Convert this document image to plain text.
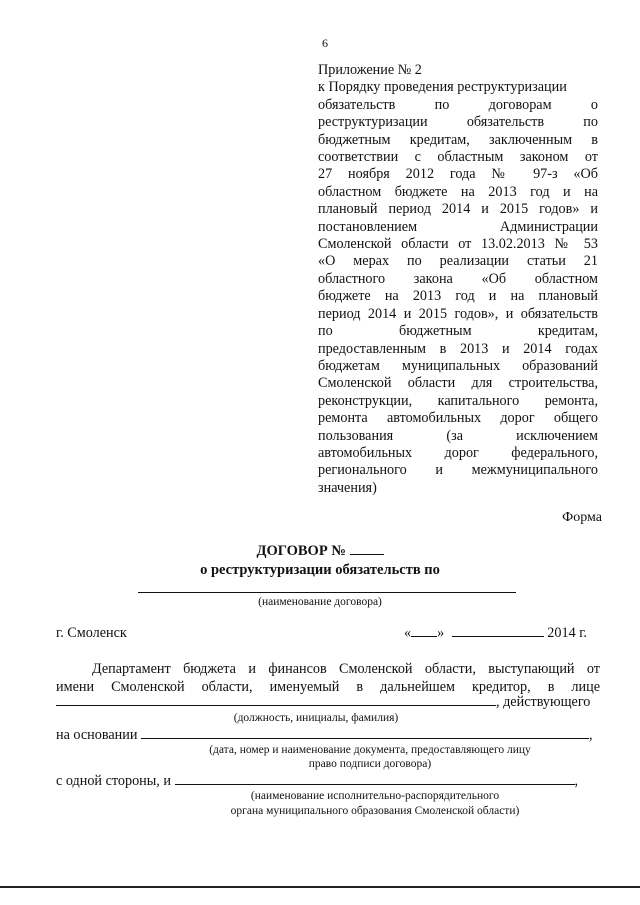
6
Приложение № 2
к Порядку проведения реструктуризации
обязательств по договорам о
реструктуризации обязательств по
бюджетным кредитам, заключенным в
соответствии с областным законом от
27 ноября 2012 года № 97-з «Об
областном бюджете на 2013 год и на
плановый период 2014 и 2015 годов» и
постановлением Администрации
Смоленской области от 13.02.2013 № 53
«О мерах по реализации статьи 21
областного закона «Об областном
бюджете на 2013 год и на плановый
период 2014 и 2015 годов», и обязательств
по бюджетным кредитам,
предоставленным в 2013 и 2014 годах
бюджетам муниципальных образований
Смоленской области для строительства,
реконструкции, капитального ремонта,
ремонта автомобильных дорог общего
пользования (за исключением
автомобильных дорог федерального,
регионального и межмуниципального
значения)
Форма
ДОГОВОР №
о реструктуризации обязательств по
(наименование договора)
г. Смоленск	« »	2014 г.
Департамент бюджета и финансов Смоленской области, выступающий от
имени Смоленской области, именуемый в дальнейшем кредитор, в лице
, действующего
(должность, инициалы, фамилия)
на основании	,
(дата, номер и наименование документа, предоставляющего лицу
право подписи договора)
с одной стороны, и	,
(наименование исполнительно-распорядительного
органа муниципального образования Смоленской области)
